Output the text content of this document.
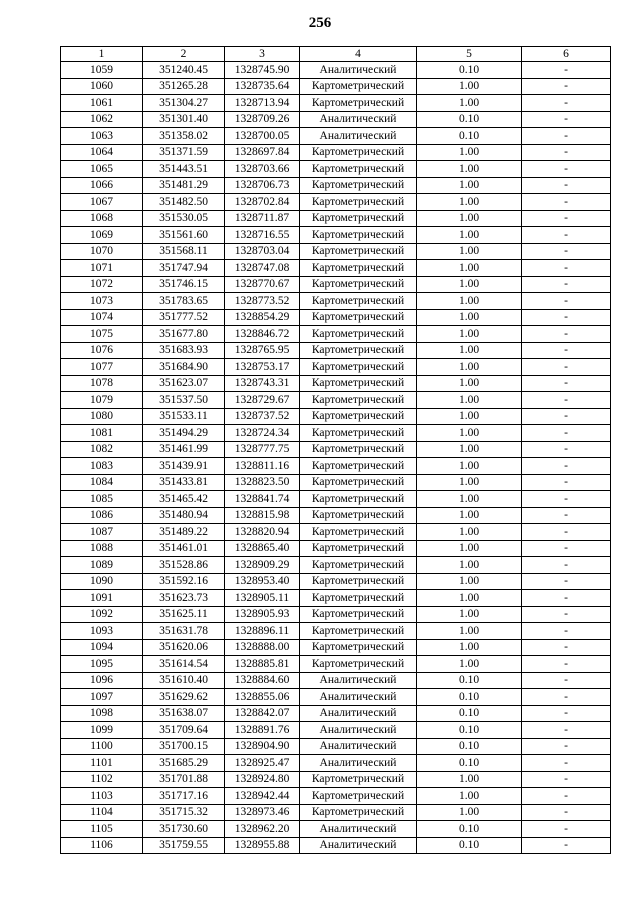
256
1	2	3	4	5	6
1059	351240.45	1328745.90	Аналитический	0.10	-
1060	351265.28	1328735.64	Картометрический	1.00	-
1061	351304.27	1328713.94	Картометрический	1.00	-
1062	351301.40	1328709.26	Аналитический	0.10	-
1063	351358.02	1328700.05	Аналитический	0.10	-
1064	351371.59	1328697.84	Картометрический	1.00	-
1065	351443.51	1328703.66	Картометрический	1.00	-
1066	351481.29	1328706.73	Картометрический	1.00	-
1067	351482.50	1328702.84	Картометрический	1.00	-
1068	351530.05	1328711.87	Картометрический	1.00	-
1069	351561.60	1328716.55	Картометрический	1.00	-
1070	351568.11	1328703.04	Картометрический	1.00	-
1071	351747.94	1328747.08	Картометрический	1.00	-
1072	351746.15	1328770.67	Картометрический	1.00	-
1073	351783.65	1328773.52	Картометрический	1.00	-
1074	351777.52	1328854.29	Картометрический	1.00	-
1075	351677.80	1328846.72	Картометрический	1.00	-
1076	351683.93	1328765.95	Картометрический	1.00	-
1077	351684.90	1328753.17	Картометрический	1.00	-
1078	351623.07	1328743.31	Картометрический	1.00	-
1079	351537.50	1328729.67	Картометрический	1.00	-
1080	351533.11	1328737.52	Картометрический	1.00	-
1081	351494.29	1328724.34	Картометрический	1.00	-
1082	351461.99	1328777.75	Картометрический	1.00	-
1083	351439.91	1328811.16	Картометрический	1.00	-
1084	351433.81	1328823.50	Картометрический	1.00	-
1085	351465.42	1328841.74	Картометрический	1.00	-
1086	351480.94	1328815.98	Картометрический	1.00	-
1087	351489.22	1328820.94	Картометрический	1.00	-
1088	351461.01	1328865.40	Картометрический	1.00	-
1089	351528.86	1328909.29	Картометрический	1.00	-
1090	351592.16	1328953.40	Картометрический	1.00	-
1091	351623.73	1328905.11	Картометрический	1.00	-
1092	351625.11	1328905.93	Картометрический	1.00	-
1093	351631.78	1328896.11	Картометрический	1.00	-
1094	351620.06	1328888.00	Картометрический	1.00	-
1095	351614.54	1328885.81	Картометрический	1.00	-
1096	351610.40	1328884.60	Аналитический	0.10	-
1097	351629.62	1328855.06	Аналитический	0.10	-
1098	351638.07	1328842.07	Аналитический	0.10	-
1099	351709.64	1328891.76	Аналитический	0.10	-
1100	351700.15	1328904.90	Аналитический	0.10	-
1101	351685.29	1328925.47	Аналитический	0.10	-
1102	351701.88	1328924.80	Картометрический	1.00	-
1103	351717.16	1328942.44	Картометрический	1.00	-
1104	351715.32	1328973.46	Картометрический	1.00	-
1105	351730.60	1328962.20	Аналитический	0.10	-
1106	351759.55	1328955.88	Аналитический	0.10	-
